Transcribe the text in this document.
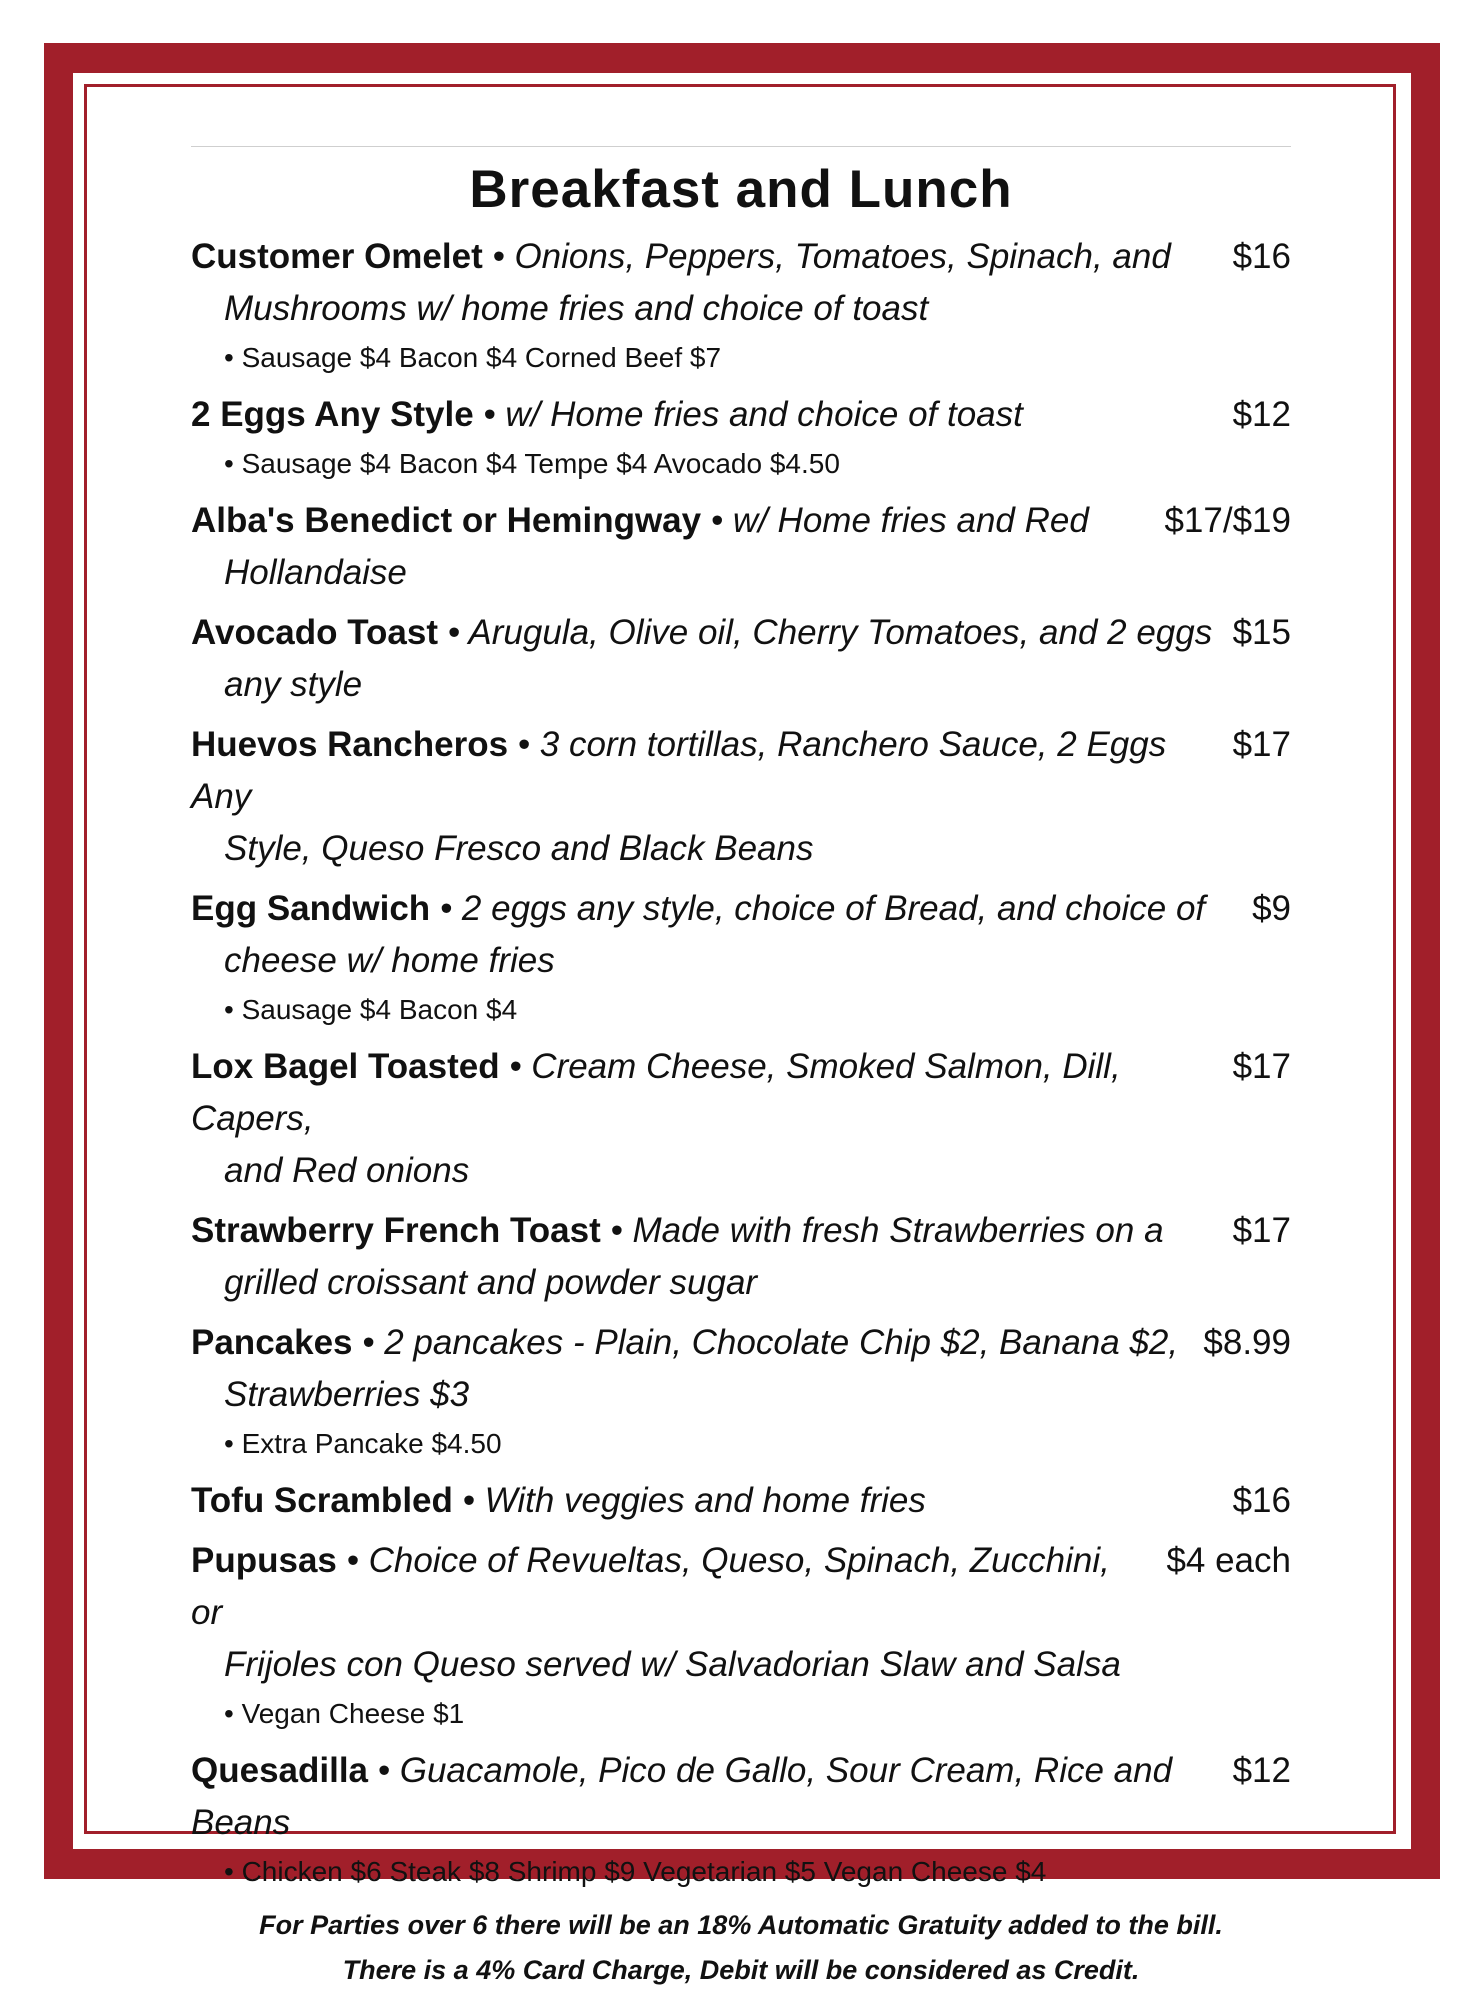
Breakfast and Lunch
Customer Omelet • Onions, Peppers, Tomatoes, Spinach, and	$16
Mushrooms w/ home fries and choice of toast
• Sausage $4 Bacon $4 Corned Beef $7
2 Eggs Any Style • w/ Home fries and choice of toast	$12
• Sausage $4 Bacon $4 Tempe $4 Avocado $4.50
Alba's Benedict or Hemingway • w/ Home fries and Red	$17/$19
Hollandaise
Avocado Toast • Arugula, Olive oil, Cherry Tomatoes, and 2 eggs $15
any style
Huevos Rancheros • 3 corn tortillas, Ranchero Sauce, 2 Eggs Any
$17
Style, Queso Fresco and Black Beans
Egg Sandwich • 2 eggs any style, choice of Bread, and choice of	$9
cheese w/ home fries
• Sausage $4 Bacon $4
Lox Bagel Toasted • Cream Cheese, Smoked Salmon, Dill, Capers,
$17
and Red onions
Strawberry French Toast • Made with fresh Strawberries on a	$17
grilled croissant and powder sugar
Pancakes • 2 pancakes - Plain, Chocolate Chip $2, Banana $2, $8.99
Strawberries $3
• Extra Pancake $4.50
Tofu Scrambled • With veggies and home fries	$16
Pupusas • Choice of Revueltas, Queso, Spinach, Zucchini, or
$4 each
Frijoles con Queso served w/ Salvadorian Slaw and Salsa
• Vegan Cheese $1
Quesadilla • Guacamole, Pico de Gallo, Sour Cream, Rice and Beans
$12
• Chicken $6 Steak $8 Shrimp $9 Vegetarian $5 Vegan Cheese $4
For Parties over 6 there will be an 18% Automatic Gratuity added to the bill.
There is a 4% Card Charge, Debit will be considered as Credit.
